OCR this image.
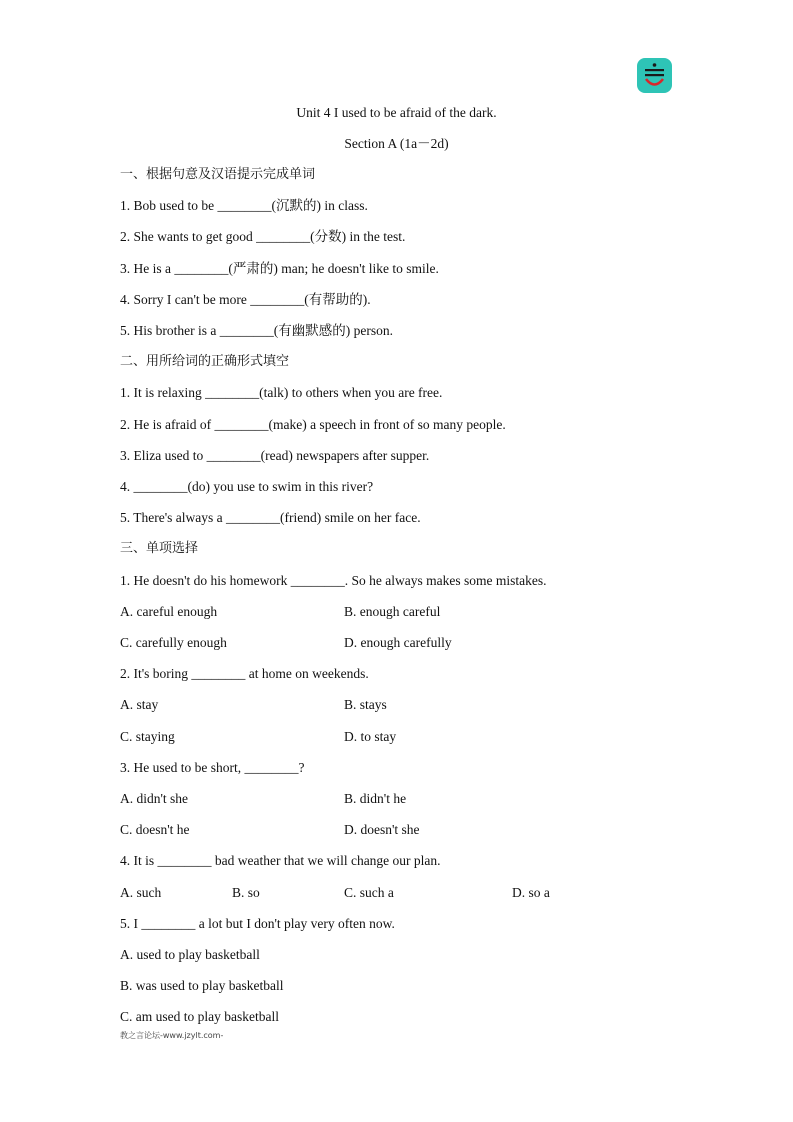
Unit 4 I used to be afraid of the dark.
Section A (1a－2d)
一、根据句意及汉语提示完成单词
1. Bob used to be ________(沉默的) in class.
2. She wants to get good ________(分数) in the test.
3. He is a ________(严肃的) man; he doesn't like to smile.
4. Sorry I can't be more ________(有帮助的).
5. His brother is a ________(有幽默感的) person.
二、用所给词的正确形式填空
1. It is relaxing ________(talk) to others when you are free.
2. He is afraid of ________(make) a speech in front of so many people.
3. Eliza used to ________(read) newspapers after supper.
4. ________(do) you use to swim in this river?
5. There's always a ________(friend) smile on her face.
三、单项选择
1. He doesn't do his homework ________. So he always makes some mistakes.
A. careful enough	B. enough careful
C. carefully enough	D. enough carefully
2. It's boring ________ at home on weekends.
A. stay	B. stays
C. staying	D. to stay
3. He used to be short, ________?
A. didn't she	B. didn't he
C. doesn't he	D. doesn't she
4. It is ________ bad weather that we will change our plan.
A. such	B. so	C. such a	D. so a
5. I ________ a lot but I don't play very often now.
A. used to play basketball
B. was used to play basketball
C. am used to play basketball
教之言论坛-www.jzylt.com-
